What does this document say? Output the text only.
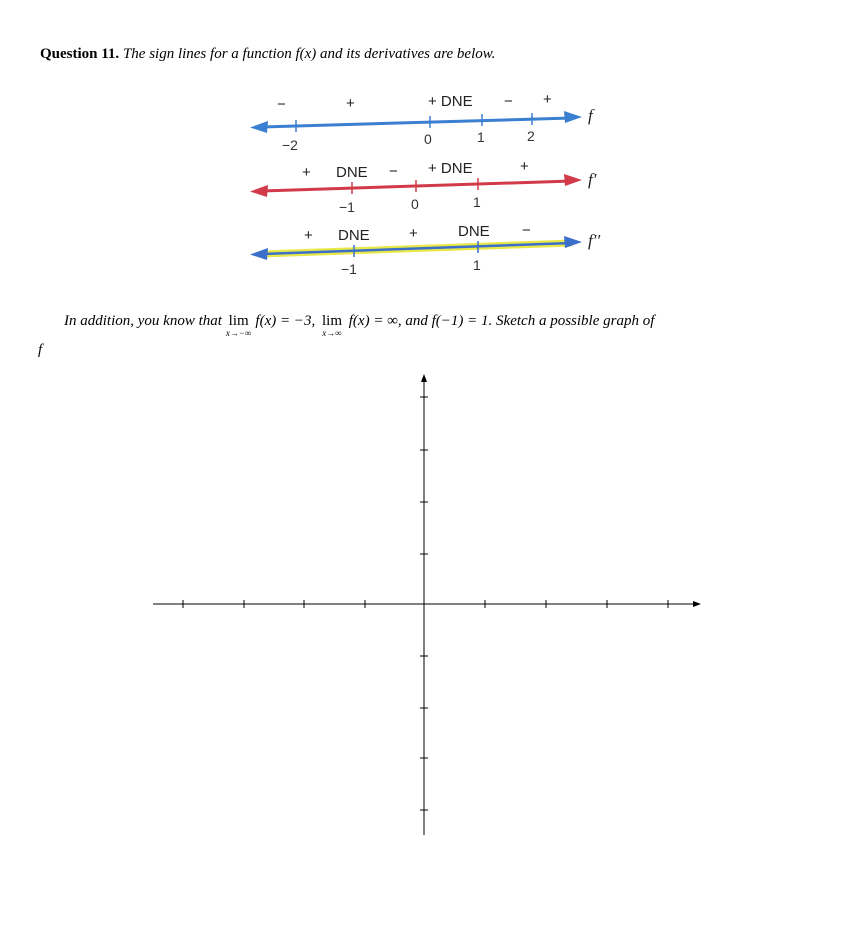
Question 11. The sign lines for a function f(x) and its derivatives are below.
−	+	+ DNE − +
−2	0	1	2
f
+ DNE − + DNE	+
−1	0	1
f′
+ DNE	+	DNE −
−1	1
f′′
In addition, you know that lim
x→−∞
f(x) = −3, lim
x→∞
f(x) = ∞, and f(−1) = 1. Sketch a possible graph of
f
